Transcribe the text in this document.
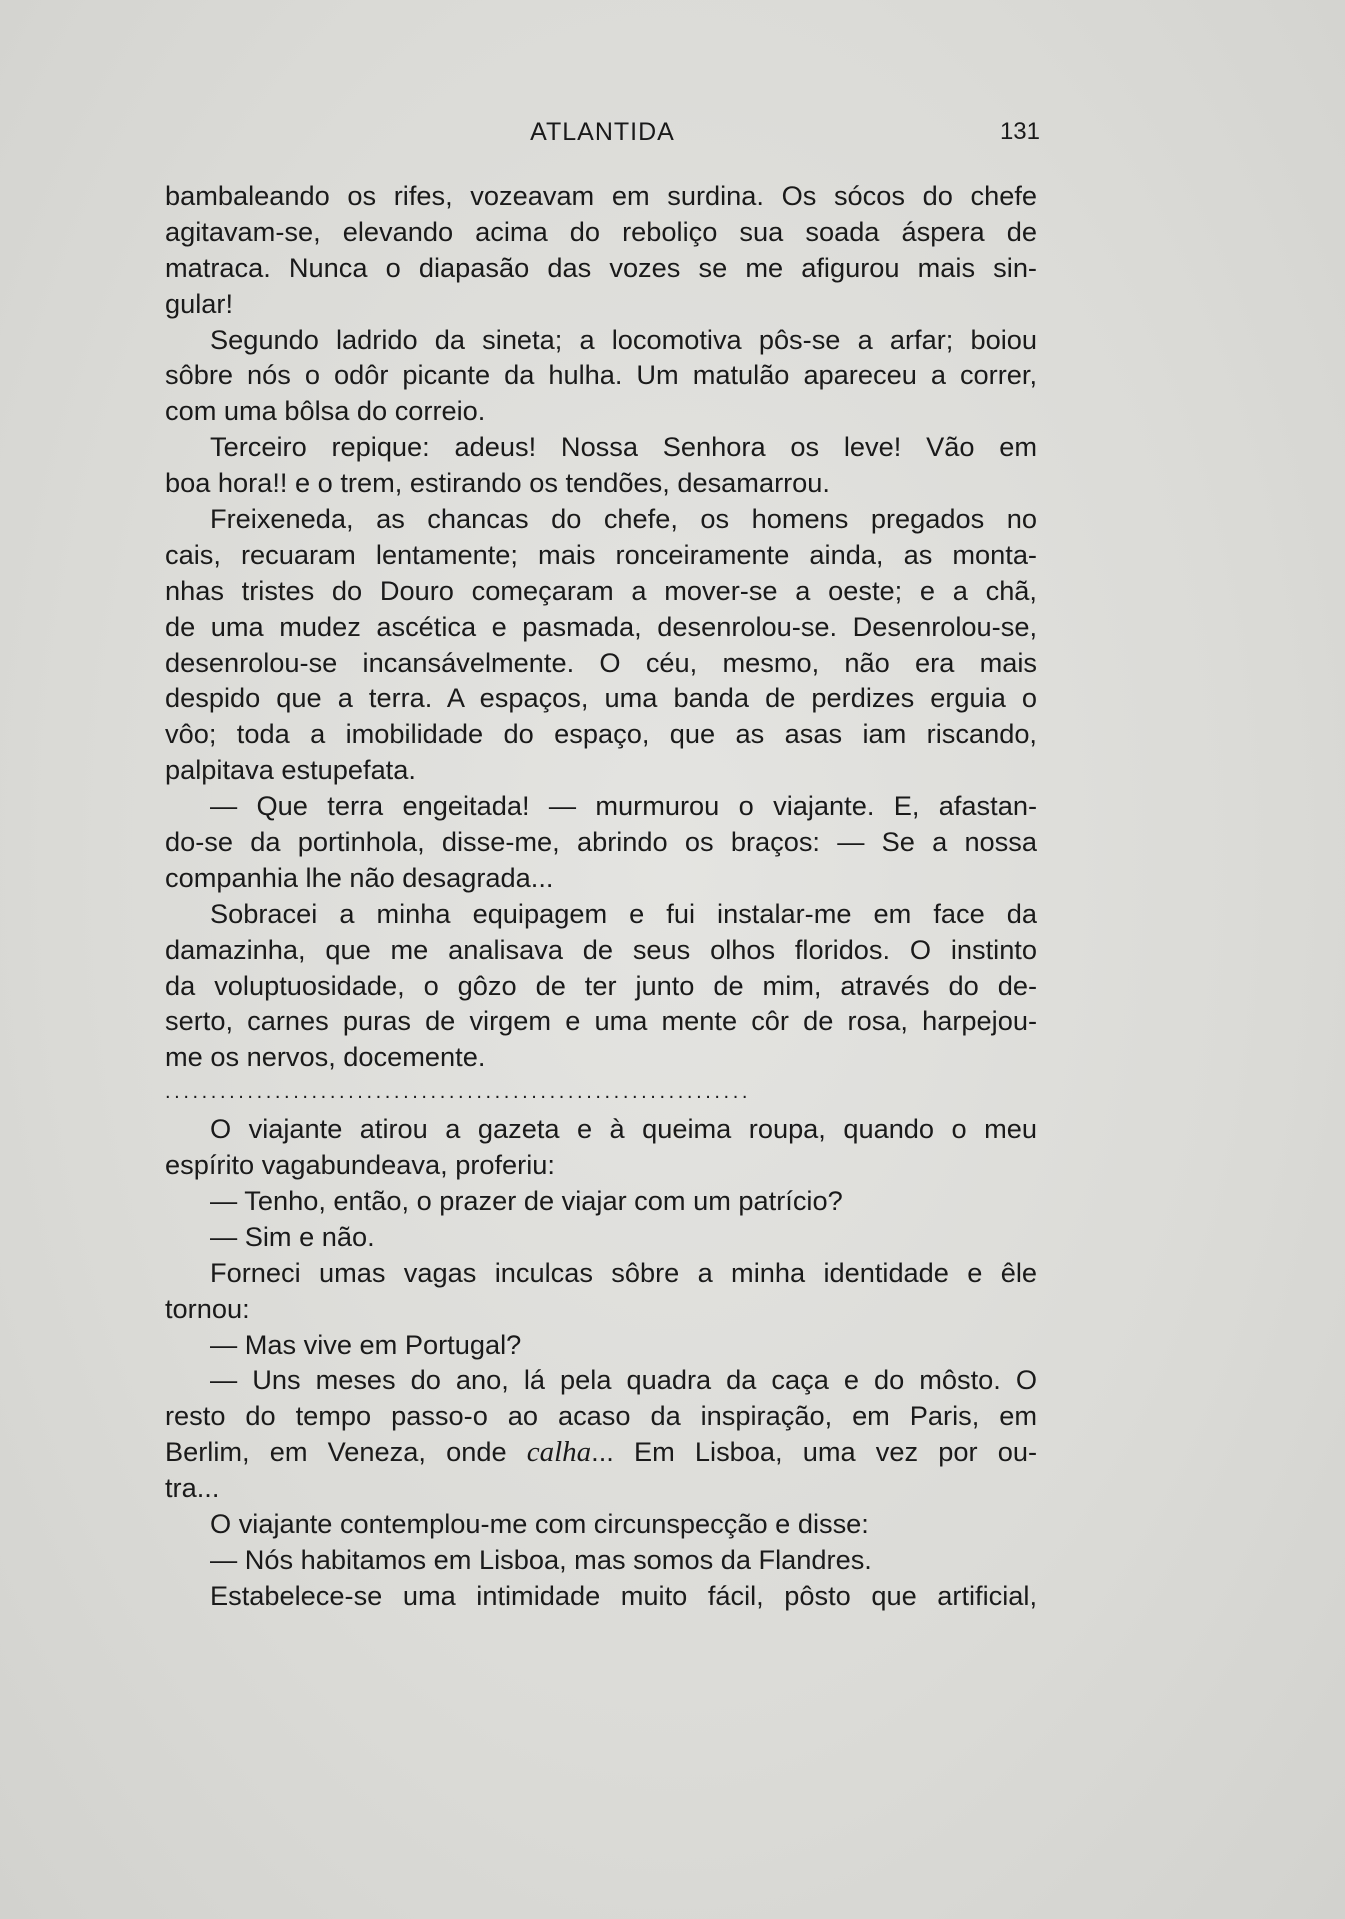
ATLANTIDA	131
bambaleando os rifes, vozeavam em surdina. Os sócos do chefe
agitavam-se, elevando acima do reboliço sua soada áspera de
matraca. Nunca o diapasão das vozes se me afigurou mais sin-
gular!
Segundo ladrido da sineta; a locomotiva pôs-se a arfar; boiou
sôbre nós o odôr picante da hulha. Um matulão apareceu a correr,
com uma bôlsa do correio.
Terceiro repique: adeus! Nossa Senhora os leve! Vão em
boa hora!! e o trem, estirando os tendões, desamarrou.
Freixeneda, as chancas do chefe, os homens pregados no
cais, recuaram lentamente; mais ronceiramente ainda, as monta-
nhas tristes do Douro começaram a mover-se a oeste; e a chã,
de uma mudez ascética e pasmada, desenrolou-se. Desenrolou-se,
desenrolou-se incansávelmente. O céu, mesmo, não era mais
despido que a terra. A espaços, uma banda de perdizes erguia o
vôo; toda a imobilidade do espaço, que as asas iam riscando,
palpitava estupefata.
— Que terra engeitada! — murmurou o viajante. E, afastan-
do-se da portinhola, disse-me, abrindo os braços: — Se a nossa
companhia lhe não desagrada...
Sobracei a minha equipagem e fui instalar-me em face da
damazinha, que me analisava de seus olhos floridos. O instinto
da voluptuosidade, o gôzo de ter junto de mim, através do de-
serto, carnes puras de virgem e uma mente côr de rosa, harpejou-
me os nervos, docemente.
................................................................
O viajante atirou a gazeta e à queima roupa, quando o meu
espírito vagabundeava, proferiu:
— Tenho, então, o prazer de viajar com um patrício?
— Sim e não.
Forneci umas vagas inculcas sôbre a minha identidade e êle
tornou:
— Mas vive em Portugal?
— Uns meses do ano, lá pela quadra da caça e do môsto. O
resto do tempo passo-o ao acaso da inspiração, em Paris, em
Berlim, em Veneza, onde calha... Em Lisboa, uma vez por ou-
tra...
O viajante contemplou-me com circunspecção e disse:
— Nós habitamos em Lisboa, mas somos da Flandres.
Estabelece-se uma intimidade muito fácil, pôsto que artificial,
